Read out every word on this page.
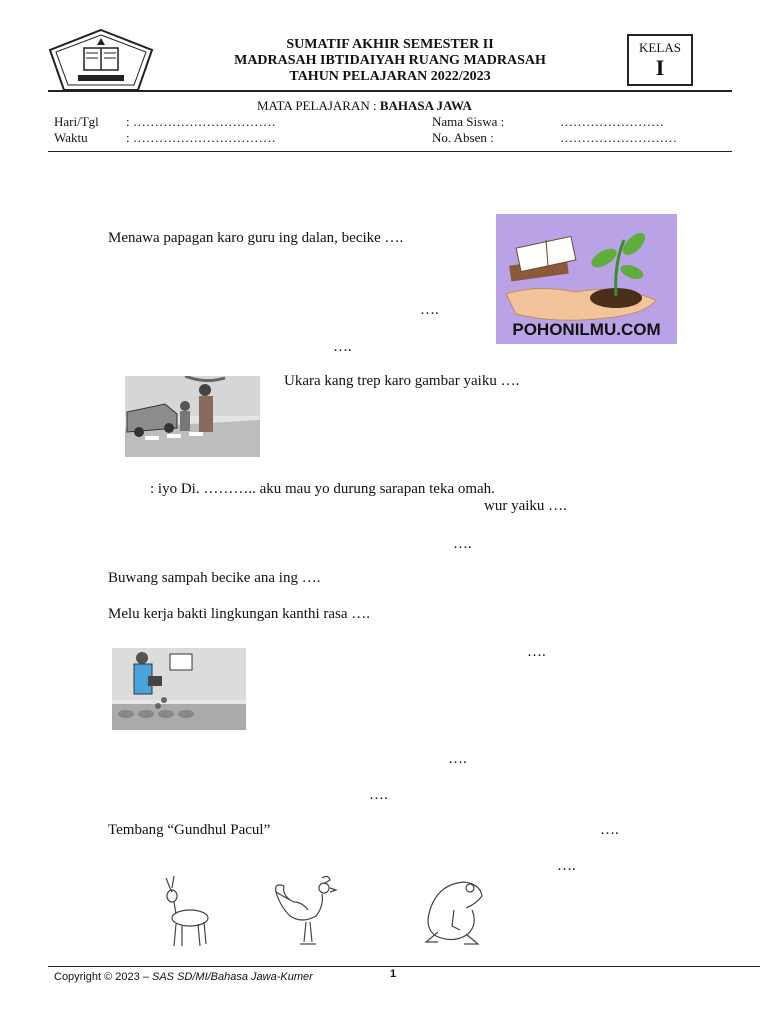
SUMATIF AKHIR SEMESTER II
MADRASAH IBTIDAIYAH RUANG MADRASAH
TAHUN PELAJARAN 2022/2023
KELAS
I
MATA PELAJARAN : BAHASA JAWA
Hari/Tgl : ……………………………
Waktu	: ……………………………
Nama Siswa :	……………………
No. Absen :	………………………
Menawa papagan karo guru ing dalan, becike ….
POHONILMU.COM
….
….
Ukara kang trep karo gambar yaiku ….
: iyo Di. ……….. aku mau yo durung sarapan teka omah.
wur yaiku ….
….
Buwang sampah becike ana ing ….
Melu kerja bakti lingkungan kanthi rasa ….
….
….
….
Tembang “Gundhul Pacul”	….
….
Copyright © 2023 – SAS SD/MI/Bahasa Jawa-Kumer	1
